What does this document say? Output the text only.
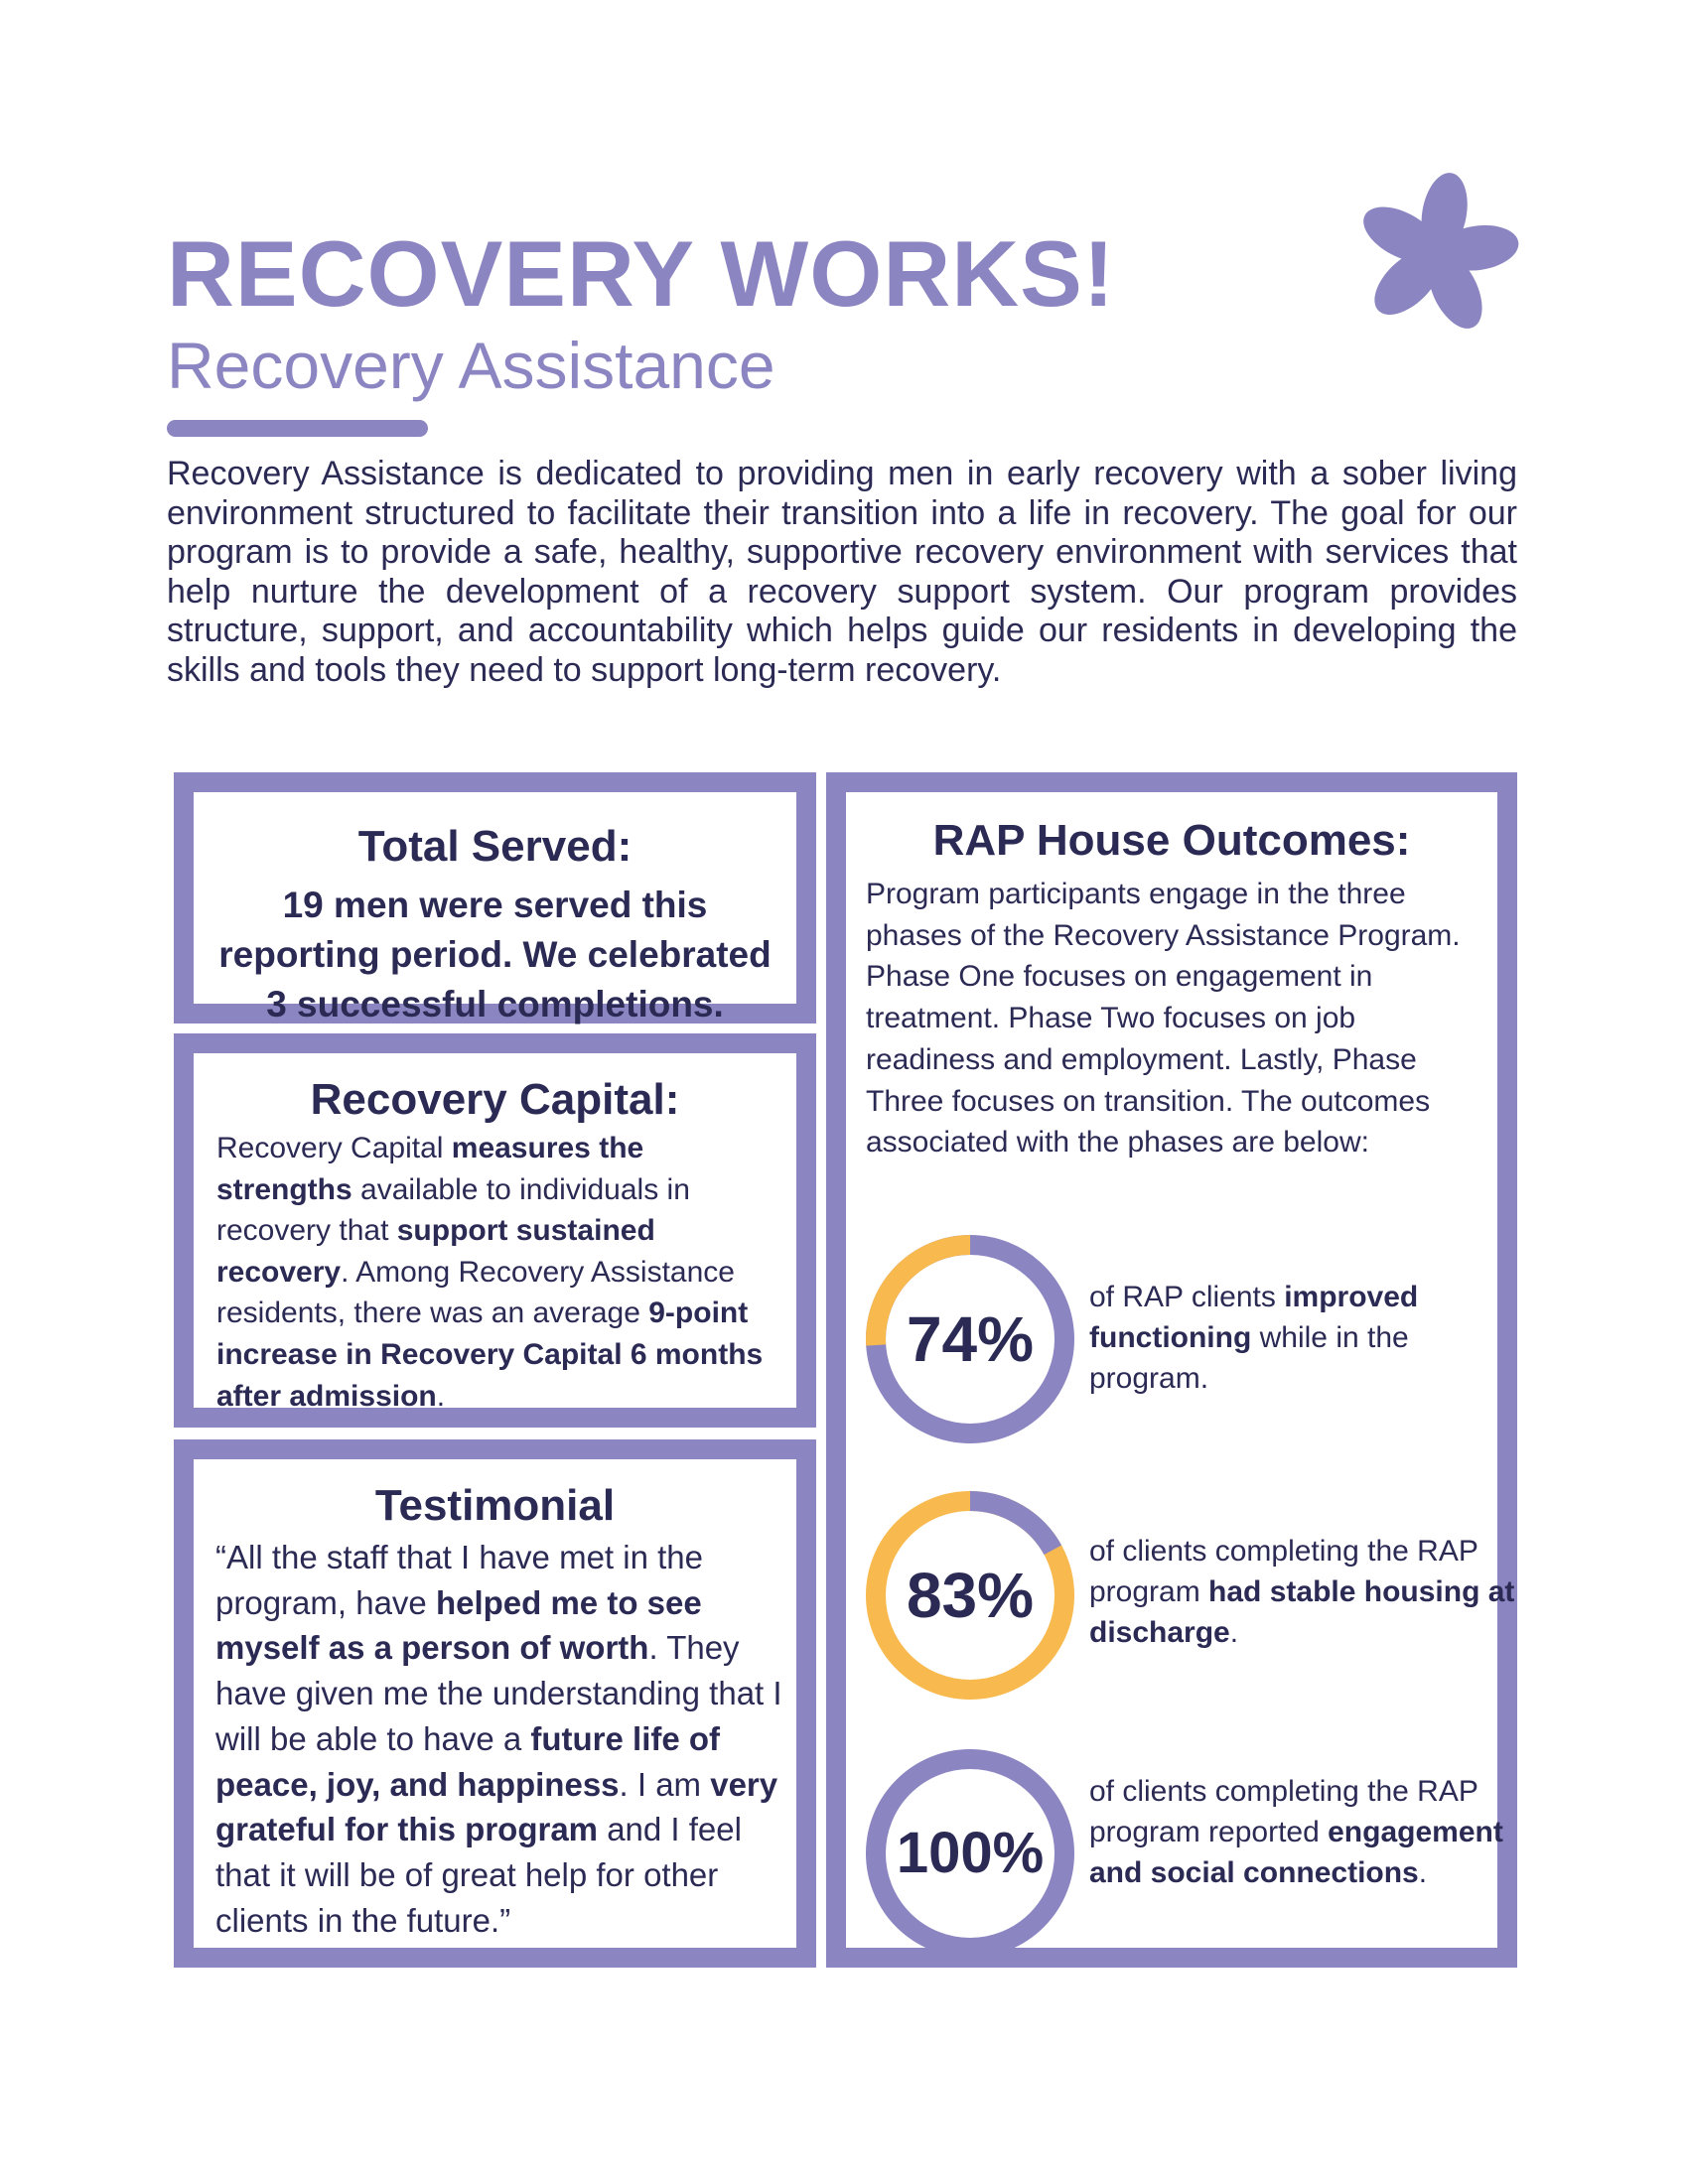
RECOVERY WORKS!
Recovery Assistance

Recovery Assistance is dedicated to providing men in early recovery with a sober living environment structured to facilitate their transition into a life in recovery. The goal for our program is to provide a safe, healthy, supportive recovery environment with services that help nurture the development of a recovery support system. Our program provides structure, support, and accountability which helps guide our residents in developing the skills and tools they need to support long-term recovery.

Total Served:

19 men were served this reporting period. We celebrated 3 successful completions.

Recovery Capital:

Recovery Capital measures the strengths available to individuals in recovery that support sustained recovery. Among Recovery Assistance residents, there was an average 9-point increase in Recovery Capital 6 months after admission.

Testimonial

“All the staff that I have met in the program, have helped me to see myself as a person of worth. They have given me the understanding that I will be able to have a future life of peace, joy, and happiness. I am very grateful for this program and I feel that it will be of great help for other clients in the future.”

RAP House Outcomes:

Program participants engage in the three phases of the Recovery Assistance Program. Phase One focuses on engagement in treatment. Phase Two focuses on job readiness and employment. Lastly, Phase Three focuses on transition. The outcomes associated with the phases are below:

74%

of RAP clients improved functioning while in the program.

83%

of clients completing the RAP program had stable housing at discharge.

100%

of clients completing the RAP program reported engagement and social connections.
